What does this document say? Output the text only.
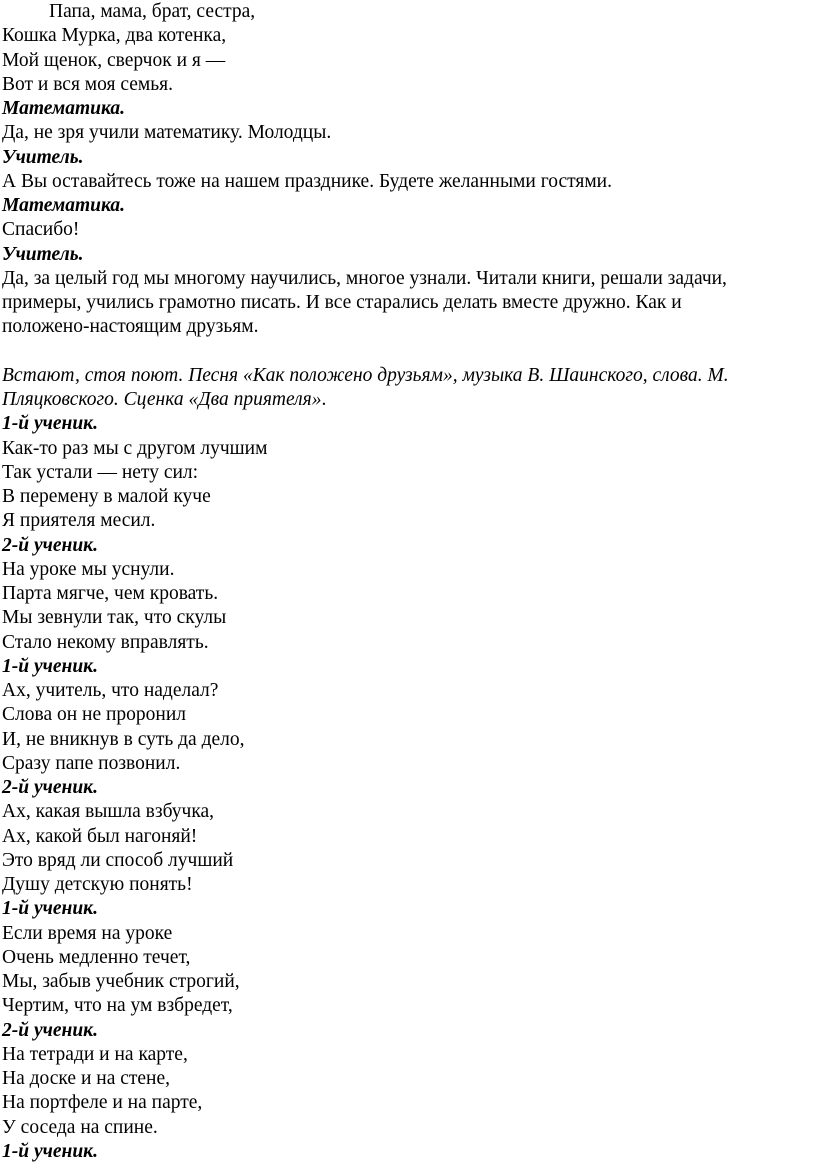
Папа, мама, брат, сестра,
Кошка Мурка, два котенка,
Мой щенок, сверчок и я —
Вот и вся моя семья.
Математика.
Да, не зря учили математику. Молодцы.
Учитель.
А Вы оставайтесь тоже на нашем празднике. Будете желанными гостями.
Математика.
Спасибо!
Учитель.
Да, за целый год мы многому научились, многое узнали. Читали книги, решали задачи,
примеры, учились грамотно писать. И все старались делать вместе дружно. Как и
положено-настоящим друзьям.
Встают, стоя поют. Песня «Как положено друзьям», музыка В. Шаинского, слова. М.
Пляцковского. Сценка «Два приятеля».
1-й ученик.
Как-то раз мы с другом лучшим
Так устали — нету сил:
В перемену в малой куче
Я приятеля месил.
2-й ученик.
На уроке мы уснули.
Парта мягче, чем кровать.
Мы зевнули так, что скулы
Стало некому вправлять.
1-й ученик.
Ах, учитель, что наделал?
Слова он не проронил
И, не вникнув в суть да дело,
Сразу папе позвонил.
2-й ученик.
Ах, какая вышла взбучка,
Ах, какой был нагоняй!
Это вряд ли способ лучший
Душу детскую понять!
1-й ученик.
Если время на уроке
Очень медленно течет,
Мы, забыв учебник строгий,
Чертим, что на ум взбредет,
2-й ученик.
На тетради и на карте,
На доске и на стене,
На портфеле и на парте,
У соседа на спине.
1-й ученик.
